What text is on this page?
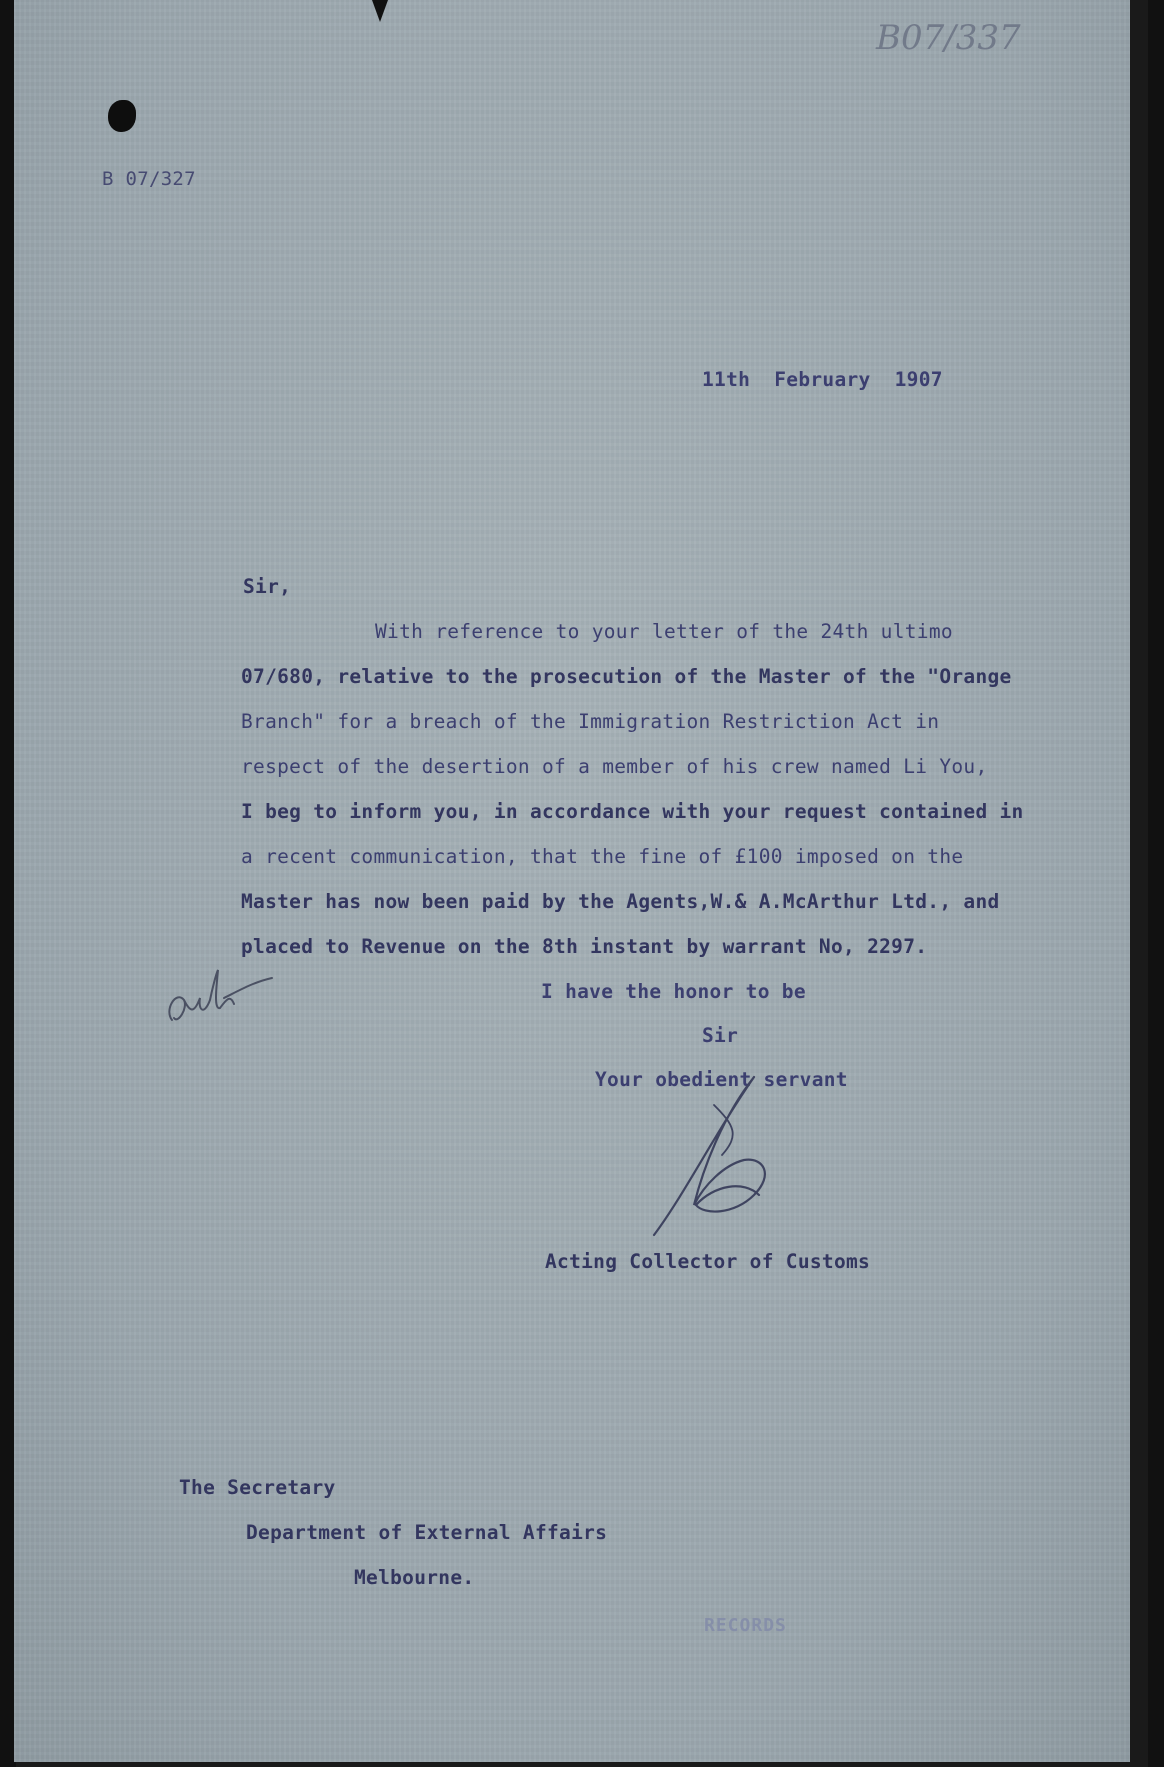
B07/337
B 07/327
11th  February  1907
Sir,
With reference to your letter of the 24th ultimo
07/680, relative to the prosecution of the Master of the "Orange
Branch" for a breach of the Immigration Restriction Act in
respect of the desertion of a member of his crew named Li You,
I beg to inform you, in accordance with your request contained in
a recent communication, that the fine of £100 imposed on the
Master has now been paid by the Agents,W.& A.McArthur Ltd., and
placed to Revenue on the 8th instant by warrant No, 2297.
I have the honor to be
Sir
Your obedient servant
Acting Collector of Customs
The Secretary
Department of External Affairs
Melbourne.
RECORDS
